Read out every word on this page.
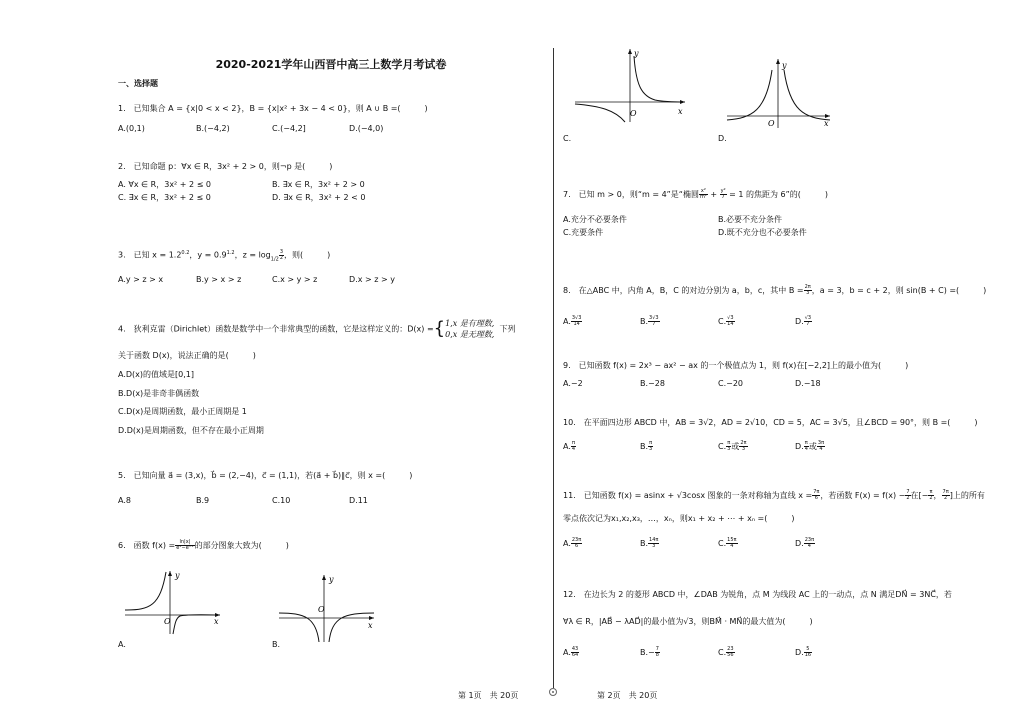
2020-2021学年山西晋中高三上数学月考试卷
一、选择题
1.　已知集合 A = {x|0 < x < 2}，B = {x|x² + 3x − 4 < 0}，则 A ∪ B =(　　　)
A.(0,1)	B.(−4,2)	C.(−4,2]	D.(−4,0)
2.　已知命题 p：∀x ∈ R，3x² + 2 > 0，则¬p 是(　　　)
A. ∀x ∈ R，3x² + 2 ≤ 0	B. ∃x ∈ R，3x² + 2 > 0
C. ∃x ∈ R，3x² + 2 ≤ 0	D. ∃x ∈ R，3x² + 2 < 0
3.　已知 $x = 1.2^{0.2}$，$y = 0.9^{1.2}$，$z = \log_{1/2} \frac{3}{2}$ ，则(　　　)
A.y > z > x	B.y > x > z	C.x > y > z	D.x > z > y
4.　狄利克雷（Dirichlet）函数是数学中一个非常典型的函数，它是这样定义的：D(x) ={1,x 是有理数,
0,x 是无理数,  下列
关于函数 D(x)，说法正确的是(　　　)
A.D(x)的值域是[0,1]
B.D(x)是非奇非偶函数
C.D(x)是周期函数，最小正周期是 1
D.D(x)是周期函数，但不存在最小正周期
5.　已知向量 a⃗ = (3,x)，b⃗ = (2,−4)，c⃗ = (1,1)，若(a⃗ + b⃗)∥c⃗，则 x =(　　　)
A.8	B.9	C.10	D.11
6.　函数 $f(x) = \frac{\ln|x|}{\text{eˣ−e⁻ˣ}}$ 的部分图象大致为(　　　)
y
O	x
A.
y
O
x
B.
y
O	x
C.
y
O	x
D.
7.　已知 m > 0，则“m = 4”是“椭圆 $\frac{\text{x²}}{\text{m²}} + \frac{\text{y²}}{7} = 1$ 的焦距为 6”的(　　　)
A.充分不必要条件	B.必要不充分条件
C.充要条件	D.既不充分也不必要条件
8.　在△ABC 中，内角 A，B，C 的对边分别为 a，b，c，其中 $B = \frac{2\pi}{3}$ ，a = 3，b = c + 2，则 sin(B + C) =(　　　)
A. $\frac{3√3}{14}$	B. $\frac{3√3}{7}$	C. $\frac{√3}{14}$	D. $\frac{√3}{7}$
9.　已知函数 f(x) = 2x³ − ax² − ax 的一个极值点为 1，则 f(x)在[−2,2]上的最小值为(　　　)
A.−2	B.−28	C.−20	D.−18
10.　在平面四边形 ABCD 中，AB = 3√2，AD = 2√10，CD = 5，AC = 3√5，且∠BCD = 90°，则 B =(　　　)
A. $\frac{\pi}{4}$	B. $\frac{\pi}{3}$	C. $\frac{\pi}{3}$ 或 $\frac{2\pi}{3}$	D. $\frac{\pi}{4}$ 或 $\frac{3\pi}{4}$
11.　已知函数 f(x) = asinx + √3cosx 图象的一条对称轴为直线 $x = \frac{7\pi}{6}$ ，若函数 $F(x) = f(x) - \frac{7}{2}$ 在[− $\frac{\pi}{2}$ ， $\frac{7\pi}{2}$ ]上的所有
零点依次记为x₁,x₂,x₃，…，xₙ，则x₁ + x₂ + ⋯ + xₙ =(　　　)
A. $\frac{23\pi}{6}$	B. $\frac{14\pi}{3}$	C. $\frac{15\pi}{4}$	D. $\frac{23\pi}{4}$
12.　在边长为 2 的菱形 ABCD 中，∠DAB 为锐角，点 M 为线段 AC 上的一动点，点 N 满足DN⃗ = 3NC⃗，若
∀λ ∈ R，|AB⃗ − λAD⃗|的最小值为√3，则BM⃗ · MN⃗的最大值为(　　　)
A. $\frac{43}{64}$	$B.- \frac{7}{8}$	C. $\frac{23}{56}$	D. $\frac{5}{16}$
第 1页　共 20页	第 2页　共 20页
